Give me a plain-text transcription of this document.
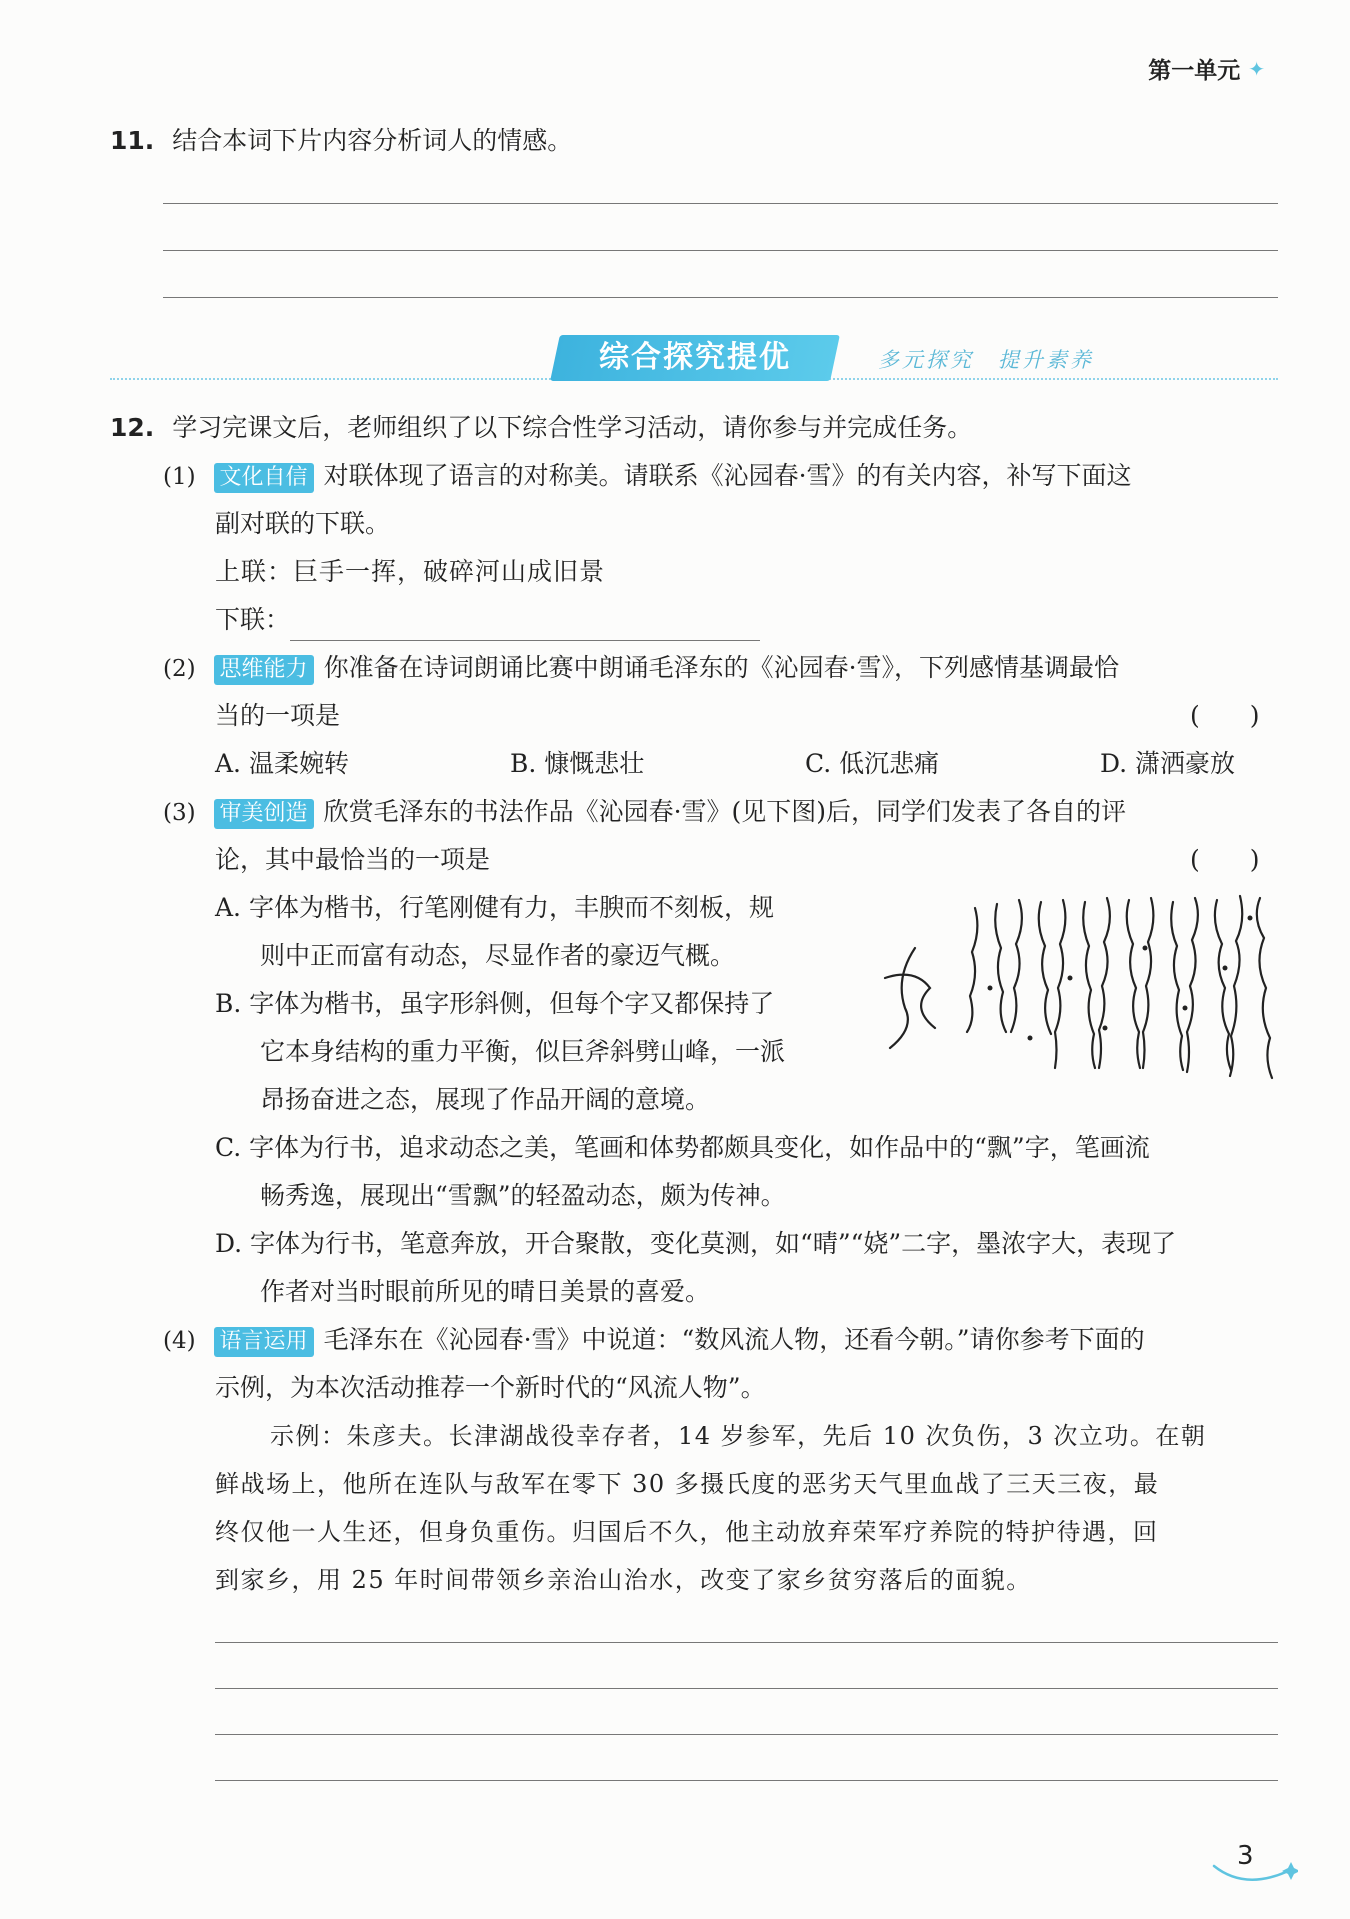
第一单元 ✦
11. 结合本词下片内容分析词人的情感。
综合探究提优	多元探究　提升素养
12. 学习完课文后，老师组织了以下综合性学习活动，请你参与并完成任务。
(1) 文化自信 对联体现了语言的对称美。请联系《沁园春·雪》的有关内容，补写下面这
副对联的下联。
上联：巨手一挥，破碎河山成旧景
下联：
(2) 思维能力 你准备在诗词朗诵比赛中朗诵毛泽东的《沁园春·雪》，下列感情基调最恰
当的一项是	(　　)
A. 温柔婉转	B. 慷慨悲壮	C. 低沉悲痛	D. 潇洒豪放
(3) 审美创造 欣赏毛泽东的书法作品《沁园春·雪》(见下图)后，同学们发表了各自的评
论，其中最恰当的一项是	(　　)
A. 字体为楷书，行笔刚健有力，丰腴而不刻板，规
则中正而富有动态，尽显作者的豪迈气概。
B. 字体为楷书，虽字形斜侧，但每个字又都保持了
它本身结构的重力平衡，似巨斧斜劈山峰，一派
昂扬奋进之态，展现了作品开阔的意境。
C. 字体为行书，追求动态之美，笔画和体势都颇具变化，如作品中的“飘”字，笔画流
畅秀逸，展现出“雪飘”的轻盈动态，颇为传神。
D. 字体为行书，笔意奔放，开合聚散，变化莫测，如“晴”“娆”二字，墨浓字大，表现了
作者对当时眼前所见的晴日美景的喜爱。
(4) 语言运用 毛泽东在《沁园春·雪》中说道：“数风流人物，还看今朝。”请你参考下面的
示例，为本次活动推荐一个新时代的“风流人物”。
示例：朱彦夫。长津湖战役幸存者，14 岁参军，先后 10 次负伤，3 次立功。在朝
鲜战场上，他所在连队与敌军在零下 30 多摄氏度的恶劣天气里血战了三天三夜，最
终仅他一人生还，但身负重伤。归国后不久，他主动放弃荣军疗养院的特护待遇，回
到家乡，用 25 年时间带领乡亲治山治水，改变了家乡贫穷落后的面貌。
3
